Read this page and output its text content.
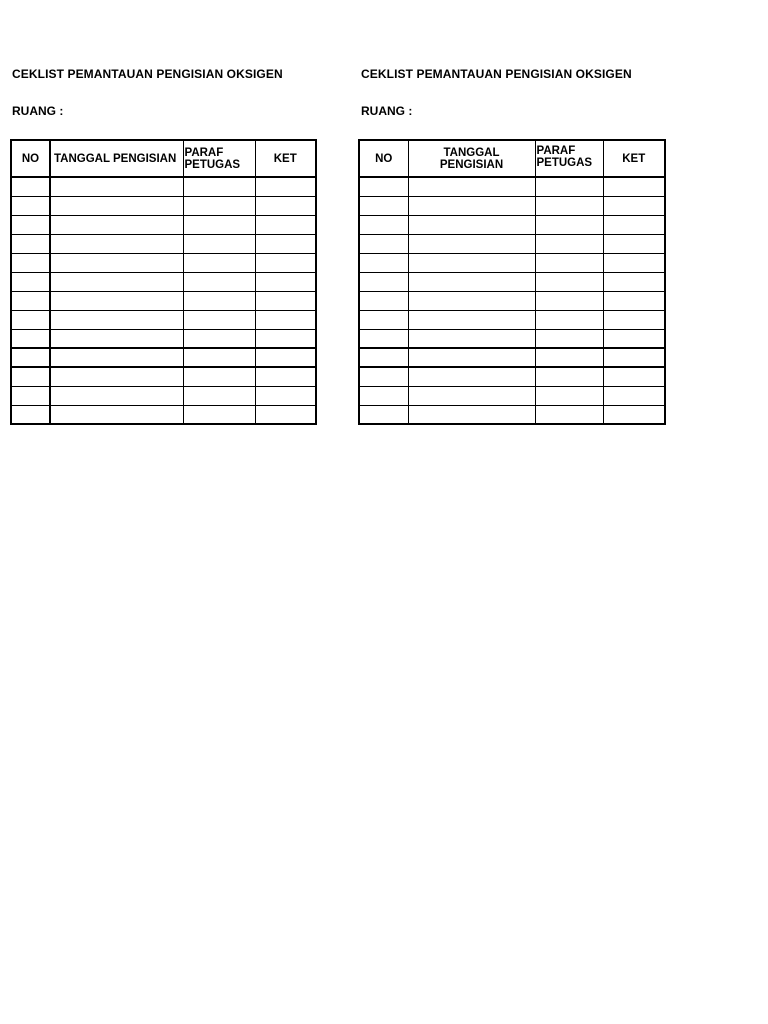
CEKLIST PEMANTAUAN PENGISIAN OKSIGEN
RUANG :
NO	TANGGAL PENGISIAN	PARAF PETUGAS	KET

CEKLIST PEMANTAUAN PENGISIAN OKSIGEN
RUANG :
NO	TANGGAL PENGISIAN	PARAF PETUGAS	KET
